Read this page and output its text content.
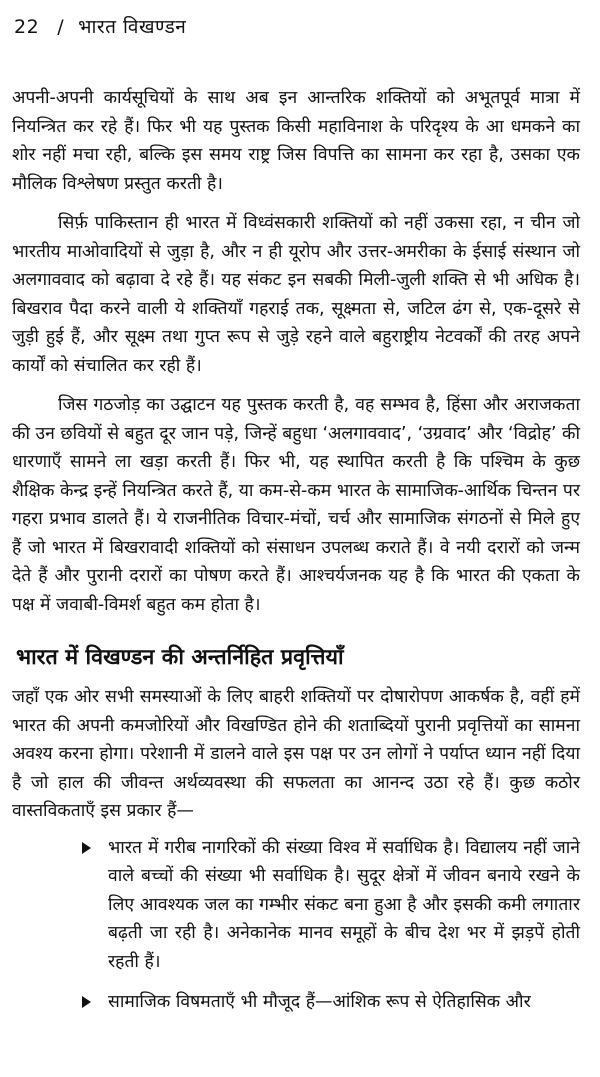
22 / भारत विखण्डन

अपनी-अपनी कार्यसूचियों के साथ अब इन आन्तरिक शक्तियों को अभूतपूर्व मात्रा में नियन्त्रित कर रहे हैं। फिर भी यह पुस्तक किसी महाविनाश के परिदृश्य के आ धमकने का शोर नहीं मचा रही, बल्कि इस समय राष्ट्र जिस विपत्ति का सामना कर रहा है, उसका एक मौलिक विश्लेषण प्रस्तुत करती है।

सिर्फ़ पाकिस्तान ही भारत में विध्वंसकारी शक्तियों को नहीं उकसा रहा, न चीन जो भारतीय माओवादियों से जुड़ा है, और न ही यूरोप और उत्तर-अमरीका के ईसाई संस्थान जो अलगाववाद को बढ़ावा दे रहे हैं। यह संकट इन सबकी मिली-जुली शक्ति से भी अधिक है। बिखराव पैदा करने वाली ये शक्तियाँ गहराई तक, सूक्ष्मता से, जटिल ढंग से, एक-दूसरे से जुड़ी हुई हैं, और सूक्ष्म तथा गुप्त रूप से जुड़े रहने वाले बहुराष्ट्रीय नेटवर्कों की तरह अपने कार्यों को संचालित कर रही हैं।

जिस गठजोड़ का उद्घाटन यह पुस्तक करती है, वह सम्भव है, हिंसा और अराजकता की उन छवियों से बहुत दूर जान पड़े, जिन्हें बहुधा ‘अलगाववाद’, ‘उग्रवाद’ और ‘विद्रोह’ की धारणाएँ सामने ला खड़ा करती हैं। फिर भी, यह स्थापित करती है कि पश्चिम के कुछ शैक्षिक केन्द्र इन्हें नियन्त्रित करते हैं, या कम-से-कम भारत के सामाजिक-आर्थिक चिन्तन पर गहरा प्रभाव डालते हैं। ये राजनीतिक विचार-मंचों, चर्च और सामाजिक संगठनों से मिले हुए हैं जो भारत में बिखरावादी शक्तियों को संसाधन उपलब्ध कराते हैं। वे नयी दरारों को जन्म देते हैं और पुरानी दरारों का पोषण करते हैं। आश्चर्यजनक यह है कि भारत की एकता के पक्ष में जवाबी-विमर्श बहुत कम होता है।

भारत में विखण्डन की अन्तर्निहित प्रवृत्तियाँ

जहाँ एक ओर सभी समस्याओं के लिए बाहरी शक्तियों पर दोषारोपण आकर्षक है, वहीं हमें भारत की अपनी कमजोरियों और विखण्डित होने की शताब्दियों पुरानी प्रवृत्तियों का सामना अवश्य करना होगा। परेशानी में डालने वाले इस पक्ष पर उन लोगों ने पर्याप्त ध्यान नहीं दिया है जो हाल की जीवन्त अर्थव्यवस्था की सफलता का आनन्द उठा रहे हैं। कुछ कठोर वास्तविकताएँ इस प्रकार हैं—

भारत में गरीब नागरिकों की संख्या विश्व में सर्वाधिक है। विद्यालय नहीं जाने वाले बच्चों की संख्या भी सर्वाधिक है। सुदूर क्षेत्रों में जीवन बनाये रखने के लिए आवश्यक जल का गम्भीर संकट बना हुआ है और इसकी कमी लगातार बढ़ती जा रही है। अनेकानेक मानव समूहों के बीच देश भर में झड़पें होती रहती हैं।
सामाजिक विषमताएँ भी मौजूद हैं—आंशिक रूप से ऐतिहासिक और
